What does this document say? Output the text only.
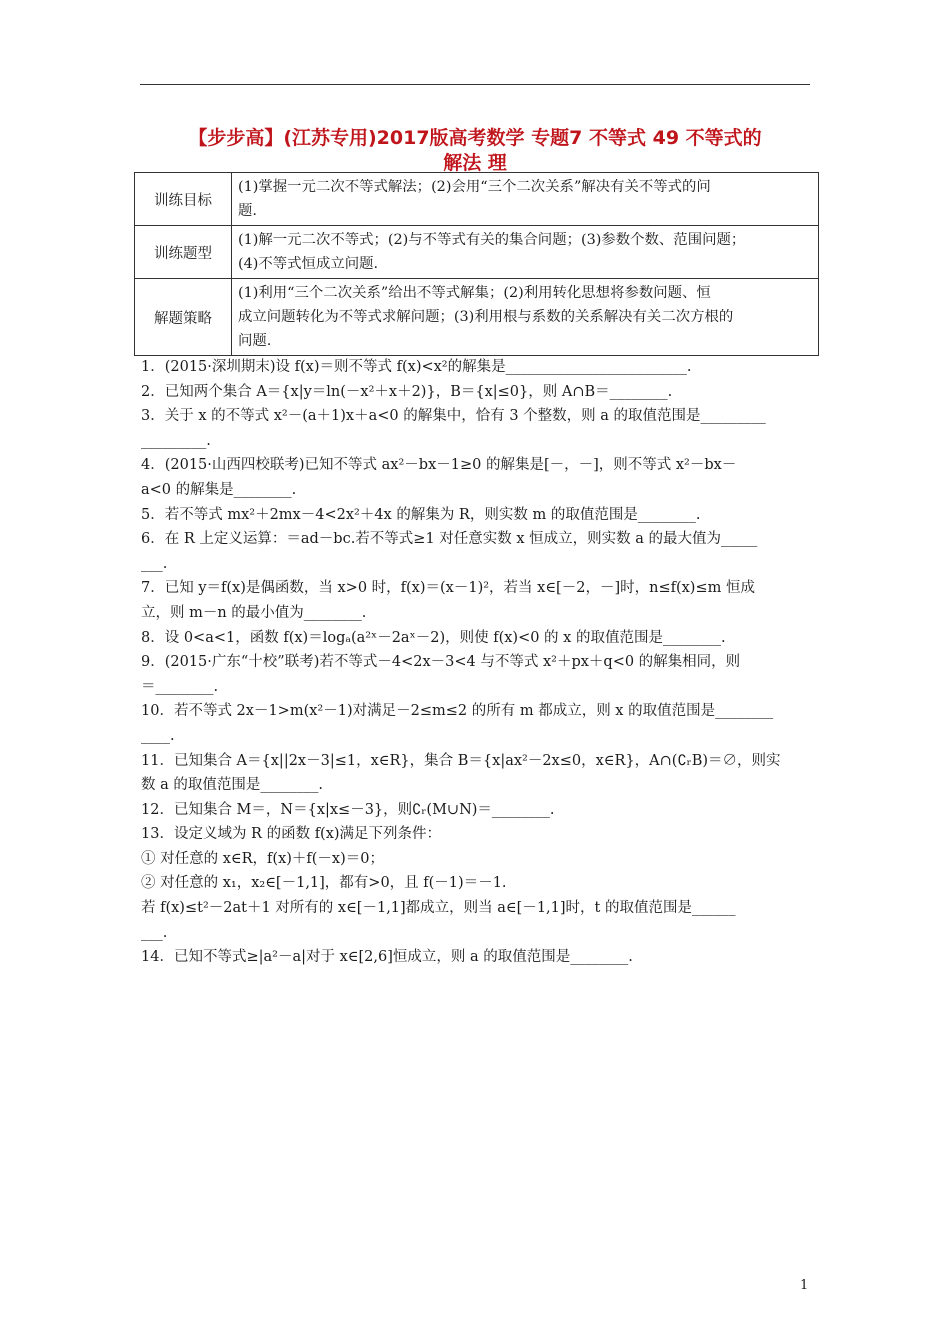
【步步高】(江苏专用)2017版高考数学 专题7 不等式 49 不等式的
解法 理
训练目标	(1)掌握一元二次不等式解法；(2)会用“三个二次关系”解决有关不等式的问
题.

训练题型	(1)解一元二次不等式；(2)与不等式有关的集合问题；(3)参数个数、范围问题；
(4)不等式恒成立问题.

解题策略	(1)利用“三个二次关系”给出不等式解集；(2)利用转化思想将参数问题、恒
成立问题转化为不等式求解问题；(3)利用根与系数的关系解决有关二次方根的
问题.
1．(2015·深圳期末)设 f(x)＝则不等式 f(x)<x²的解集是_________________________.
2．已知两个集合 A＝{x|y＝ln(－x²＋x＋2)}，B＝{x|≤0}，则 A∩B＝________.
3．关于 x 的不等式 x²－(a＋1)x＋a<0 的解集中，恰有 3 个整数，则 a 的取值范围是_________
_________.
4．(2015·山西四校联考)已知不等式 ax²－bx－1≥0 的解集是[－，－]，则不等式 x²－bx－
a<0 的解集是________.
5．若不等式 mx²＋2mx－4<2x²＋4x 的解集为 R，则实数 m 的取值范围是________.
6．在 R 上定义运算：＝ad－bc.若不等式≥1 对任意实数 x 恒成立，则实数 a 的最大值为_____
___.
7．已知 y＝f(x)是偶函数，当 x>0 时，f(x)＝(x－1)²，若当 x∈[－2，－]时，n≤f(x)≤m 恒成
立，则 m－n 的最小值为________.
8．设 0<a<1，函数 f(x)＝logₐ(a²ˣ－2aˣ－2)，则使 f(x)<0 的 x 的取值范围是________.
9．(2015·广东“十校”联考)若不等式－4<2x－3<4 与不等式 x²＋px＋q<0 的解集相同，则
＝________.
10．若不等式 2x－1>m(x²－1)对满足－2≤m≤2 的所有 m 都成立，则 x 的取值范围是________
____.
11．已知集合 A＝{x||2x－3|≤1，x∈R}，集合 B＝{x|ax²－2x≤0，x∈R}，A∩(∁ᵣB)＝∅，则实
数 a 的取值范围是________.
12．已知集合 M＝，N＝{x|x≤－3}，则∁ᵣ(M∪N)＝________.
13．设定义域为 R 的函数 f(x)满足下列条件：
① 对任意的 x∈R，f(x)＋f(－x)＝0；
② 对任意的 x₁，x₂∈[－1,1]，都有>0，且 f(－1)＝－1.
若 f(x)≤t²－2at＋1 对所有的 x∈[－1,1]都成立，则当 a∈[－1,1]时，t 的取值范围是______
___.
14．已知不等式≥|a²－a|对于 x∈[2,6]恒成立，则 a 的取值范围是________.
1
